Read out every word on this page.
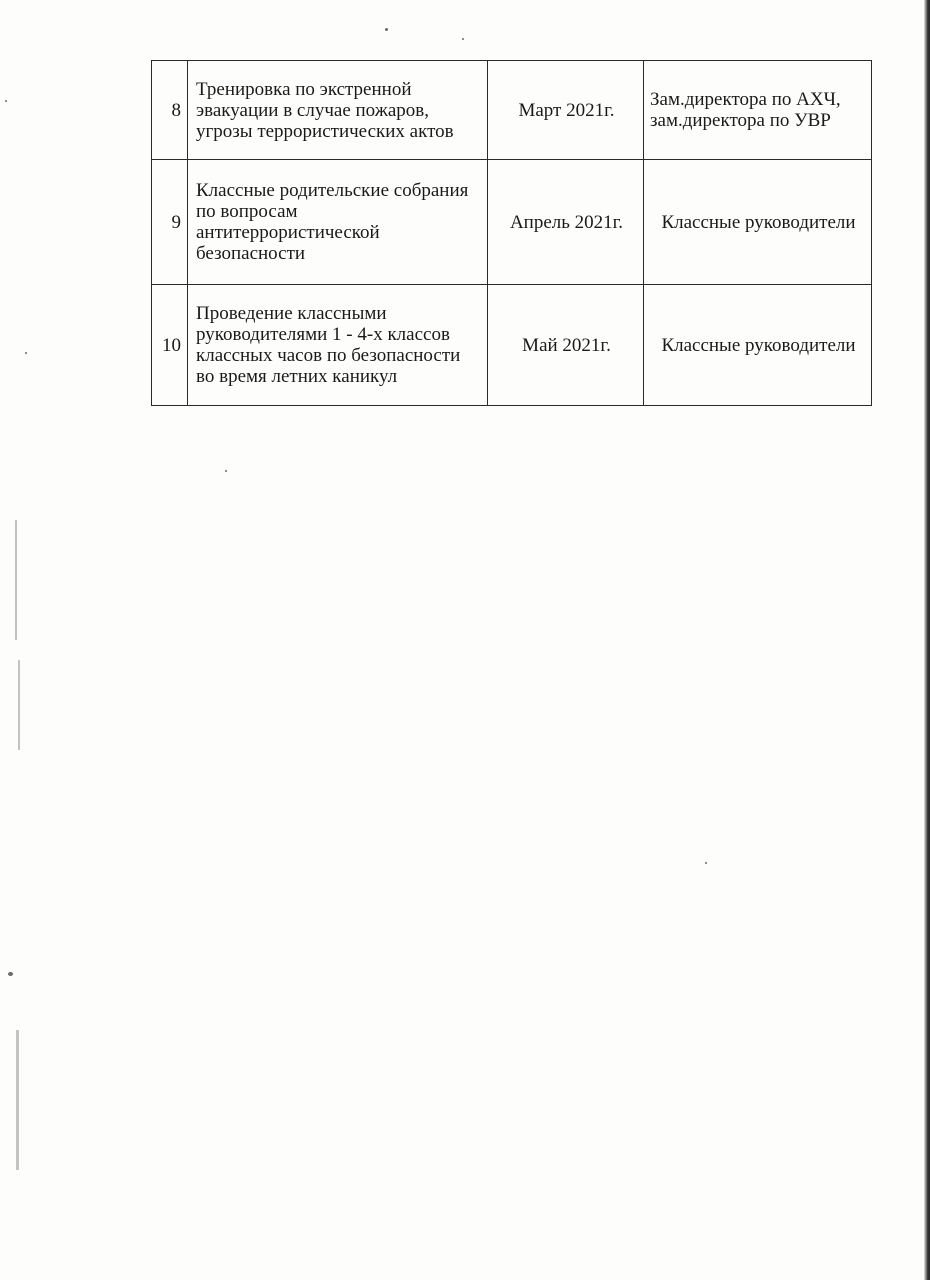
8	Тренировка по экстренной эвакуации в случае пожаров, угрозы террористических актов	Март 2021г.	Зам.директора по АХЧ, зам.директора по УВР
9	Классные родительские собрания по вопросам антитеррористической безопасности	Апрель 2021г.	Классные руководители
10	Проведение классными руководителями 1 - 4-х классов классных часов по безопасности во время летних каникул	Май 2021г.	Классные руководители
